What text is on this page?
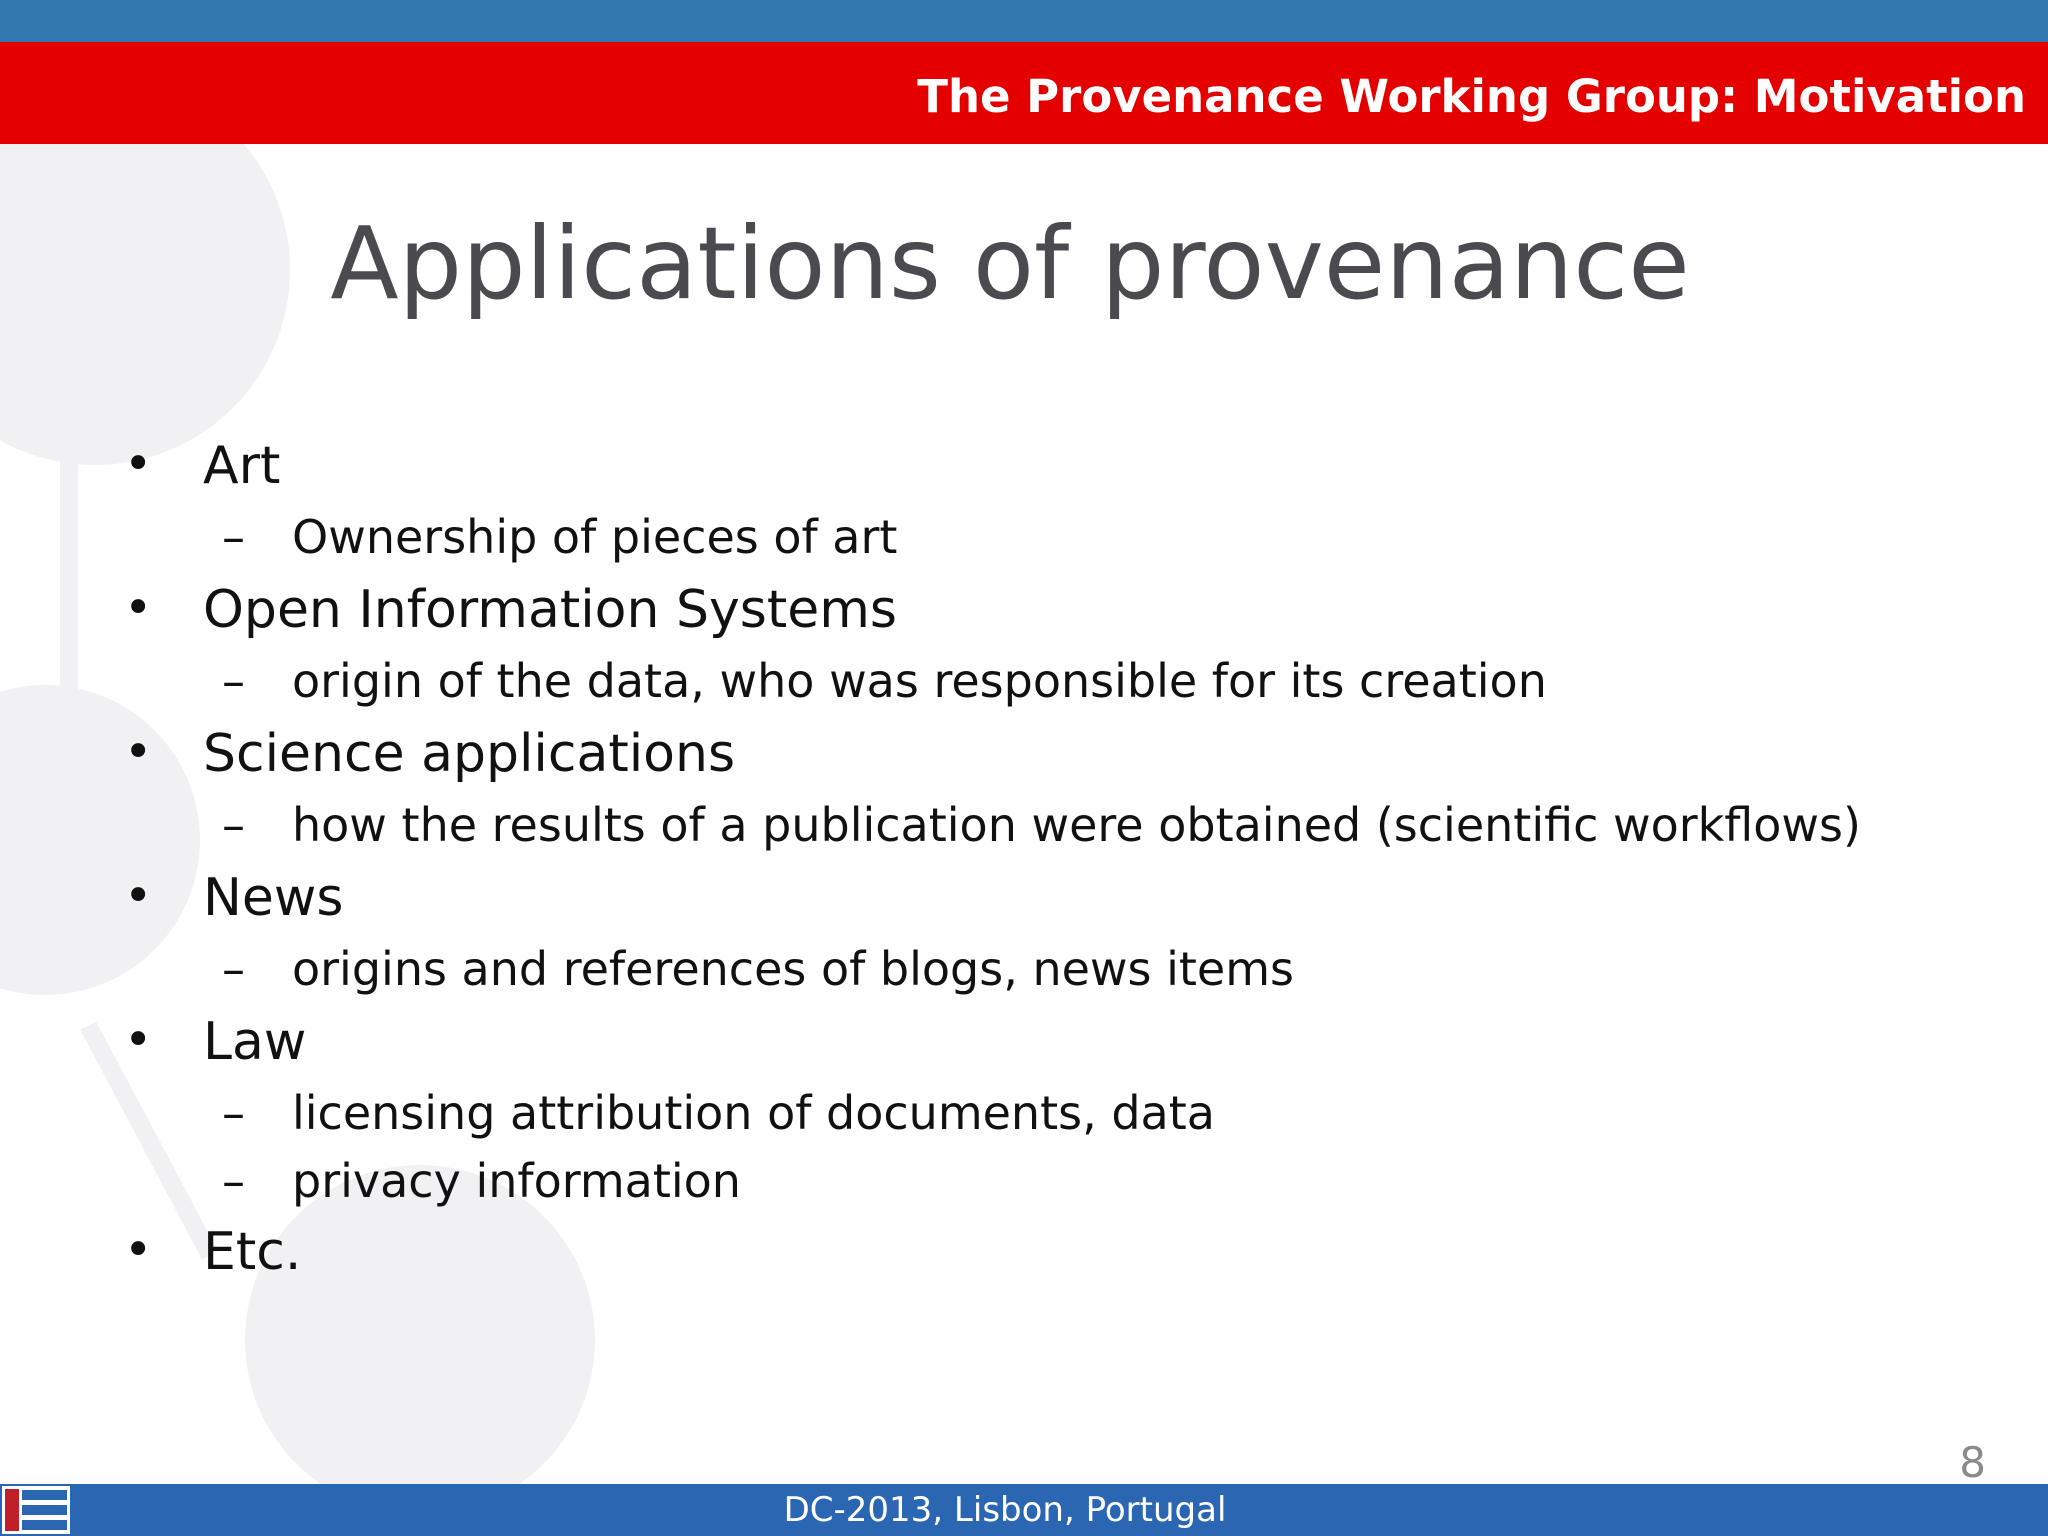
The Provenance Working Group: Motivation
Applications of provenance
• Art
– Ownership of pieces of art
• Open Information Systems
– origin of the data, who was responsible for its creation
• Science applications
– how the results of a publication were obtained (scientific workflows)
• News
– origins and references of blogs, news items
• Law
– licensing attribution of documents, data
– privacy information
• Etc.
8
DC-2013, Lisbon, Portugal
